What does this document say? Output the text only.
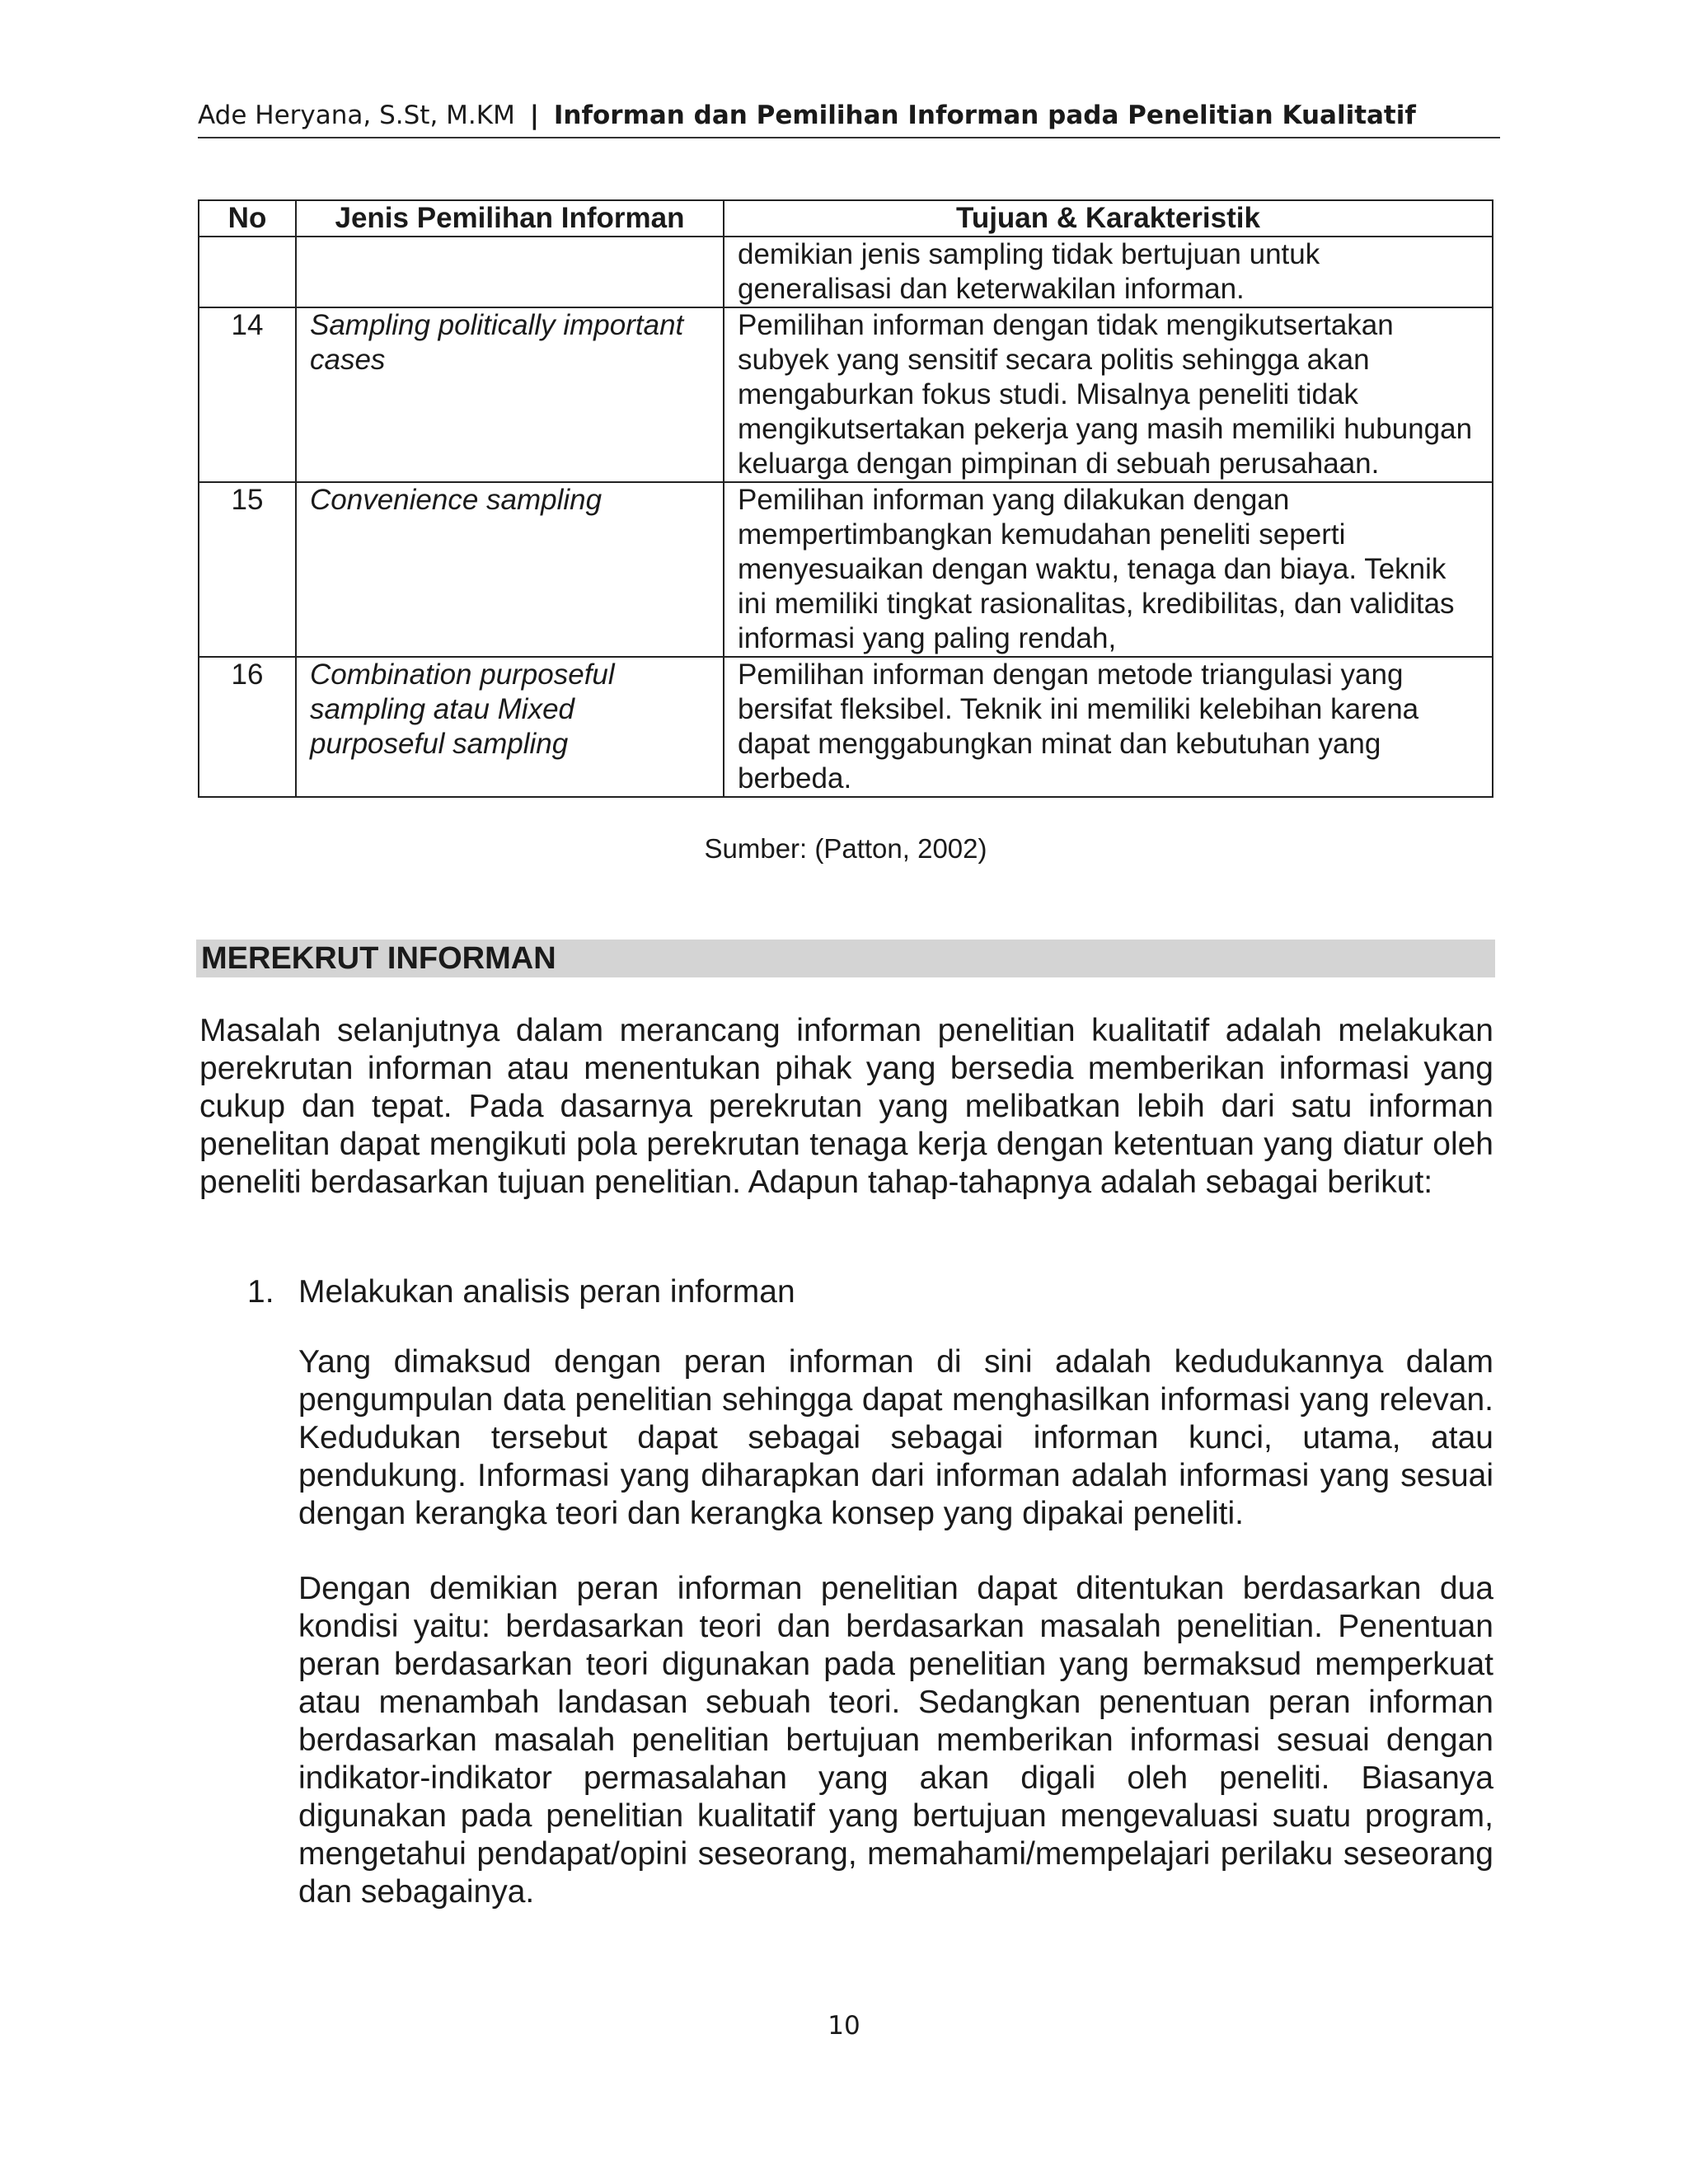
Ade Heryana, S.St, M.KM | Informan dan Pemilihan Informan pada Penelitian Kualitatif
No	Jenis Pemilihan Informan	Tujuan & Karakteristik
		demikian jenis sampling tidak bertujuan untuk generalisasi dan keterwakilan informan.
14	Sampling politically important cases	Pemilihan informan dengan tidak mengikutsertakan subyek yang sensitif secara politis sehingga akan mengaburkan fokus studi. Misalnya peneliti tidak mengikutsertakan pekerja yang masih memiliki hubungan keluarga dengan pimpinan di sebuah perusahaan.
15	Convenience sampling	Pemilihan informan yang dilakukan dengan mempertimbangkan kemudahan peneliti seperti menyesuaikan dengan waktu, tenaga dan biaya. Teknik ini memiliki tingkat rasionalitas, kredibilitas, dan validitas informasi yang paling rendah,
16	Combination purposeful sampling atau Mixed purposeful sampling	Pemilihan informan dengan metode triangulasi yang bersifat fleksibel. Teknik ini memiliki kelebihan karena dapat menggabungkan minat dan kebutuhan yang berbeda.
Sumber: (Patton, 2002)
MEREKRUT INFORMAN

Masalah selanjutnya dalam merancang informan penelitian kualitatif adalah melakukan perekrutan informan atau menentukan pihak yang bersedia memberikan informasi yang cukup dan tepat. Pada dasarnya perekrutan yang melibatkan lebih dari satu informan penelitan dapat mengikuti pola perekrutan tenaga kerja dengan ketentuan yang diatur oleh peneliti berdasarkan tujuan penelitian. Adapun tahap-tahapnya adalah sebagai berikut:

1. Melakukan analisis peran informan

Yang dimaksud dengan peran informan di sini adalah kedudukannya dalam pengumpulan data penelitian sehingga dapat menghasilkan informasi yang relevan. Kedudukan tersebut dapat sebagai sebagai informan kunci, utama, atau pendukung. Informasi yang diharapkan dari informan adalah informasi yang sesuai dengan kerangka teori dan kerangka konsep yang dipakai peneliti.

Dengan demikian peran informan penelitian dapat ditentukan berdasarkan dua kondisi yaitu: berdasarkan teori dan berdasarkan masalah penelitian. Penentuan peran berdasarkan teori digunakan pada penelitian yang bermaksud memperkuat atau menambah landasan sebuah teori. Sedangkan penentuan peran informan berdasarkan masalah penelitian bertujuan memberikan informasi sesuai dengan indikator-indikator permasalahan yang akan digali oleh peneliti. Biasanya digunakan pada penelitian kualitatif yang bertujuan mengevaluasi suatu program, mengetahui pendapat/opini seseorang, memahami/mempelajari perilaku seseorang dan sebagainya.

10
